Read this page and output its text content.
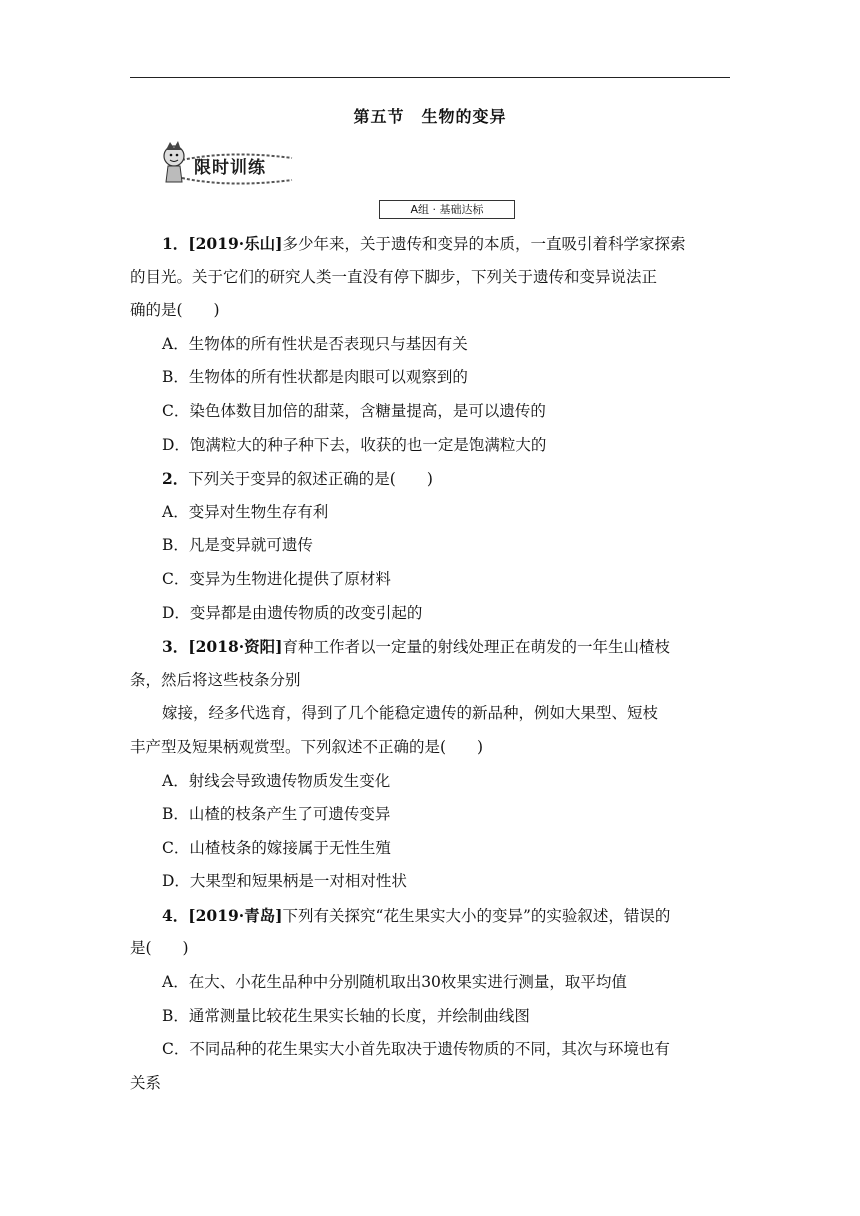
第五节　生物的变异
限时训练
A组 · 基础达标
1．[2019·乐山]多少年来，关于遗传和变异的本质，一直吸引着科学家探索
的目光。关于它们的研究人类一直没有停下脚步，下列关于遗传和变异说法正
确的是(　　)
A．生物体的所有性状是否表现只与基因有关
B．生物体的所有性状都是肉眼可以观察到的
C．染色体数目加倍的甜菜，含糖量提高，是可以遗传的
D．饱满粒大的种子种下去，收获的也一定是饱满粒大的
2．下列关于变异的叙述正确的是(　　)
A．变异对生物生存有利
B．凡是变异就可遗传
C．变异为生物进化提供了原材料
D．变异都是由遗传物质的改变引起的
3．[2018·资阳]育种工作者以一定量的射线处理正在萌发的一年生山楂枝
条，然后将这些枝条分别
嫁接，经多代选育，得到了几个能稳定遗传的新品种，例如大果型、短枝
丰产型及短果柄观赏型。下列叙述不正确的是(　　)
A．射线会导致遗传物质发生变化
B．山楂的枝条产生了可遗传变异
C．山楂枝条的嫁接属于无性生殖
D．大果型和短果柄是一对相对性状
4．[2019·青岛]下列有关探究“花生果实大小的变异”的实验叙述，错误的
是(　　)
A．在大、小花生品种中分别随机取出30枚果实进行测量，取平均值
B．通常测量比较花生果实长轴的长度，并绘制曲线图
C．不同品种的花生果实大小首先取决于遗传物质的不同，其次与环境也有
关系
